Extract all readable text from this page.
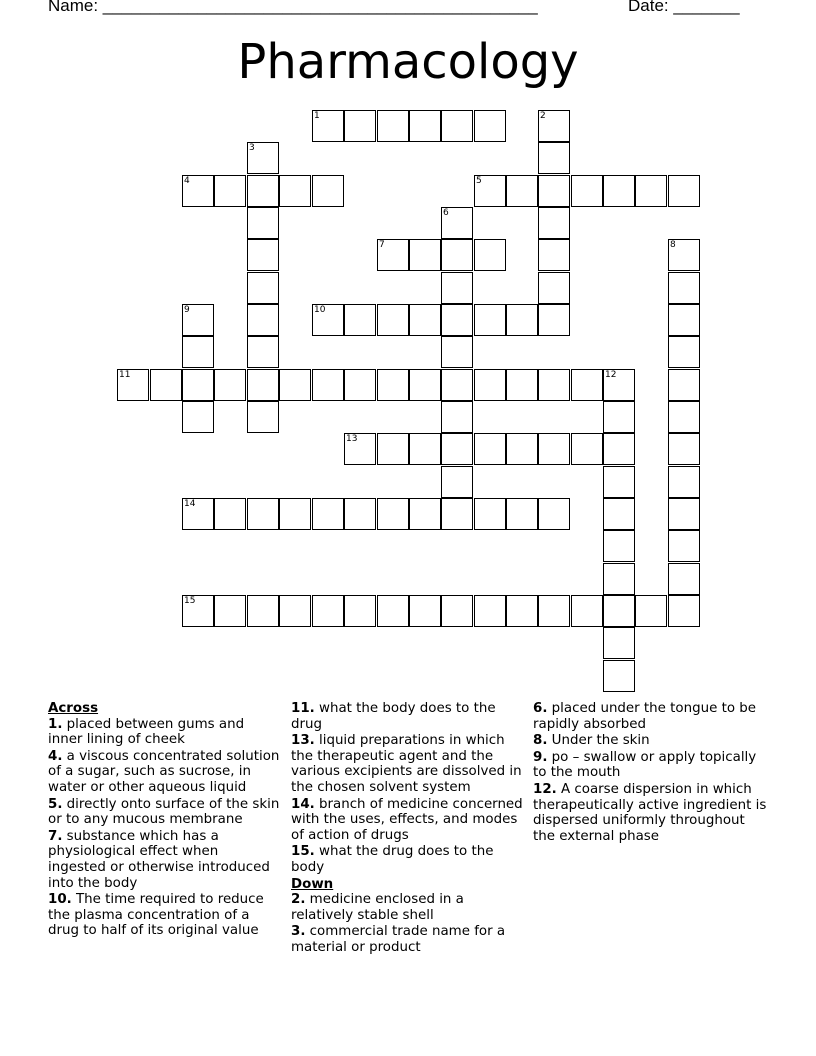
Name: ______________________________________________	Date: _______
Pharmacology
1	2
3
4	5
6
7	8
9	10
11	12
13
14
15
Across
1. placed between gums and inner lining of cheek
4. a viscous concentrated solution of a sugar, such as sucrose, in water or other aqueous liquid
5. directly onto surface of the skin or to any mucous membrane
7. substance which has a physiological effect when ingested or otherwise introduced into the body
10. The time required to reduce the plasma concentration of a drug to half of its original value
11. what the body does to the drug
13. liquid preparations in which the therapeutic agent and the various excipients are dissolved in the chosen solvent system
14. branch of medicine concerned with the uses, effects, and modes of action of drugs
15. what the drug does to the body
Down
2. medicine enclosed in a relatively stable shell
3. commercial trade name for a material or product
6. placed under the tongue to be rapidly absorbed
8. Under the skin
9. po – swallow or apply topically to the mouth
12. A coarse dispersion in which therapeutically active ingredient is dispersed uniformly throughout the external phase
